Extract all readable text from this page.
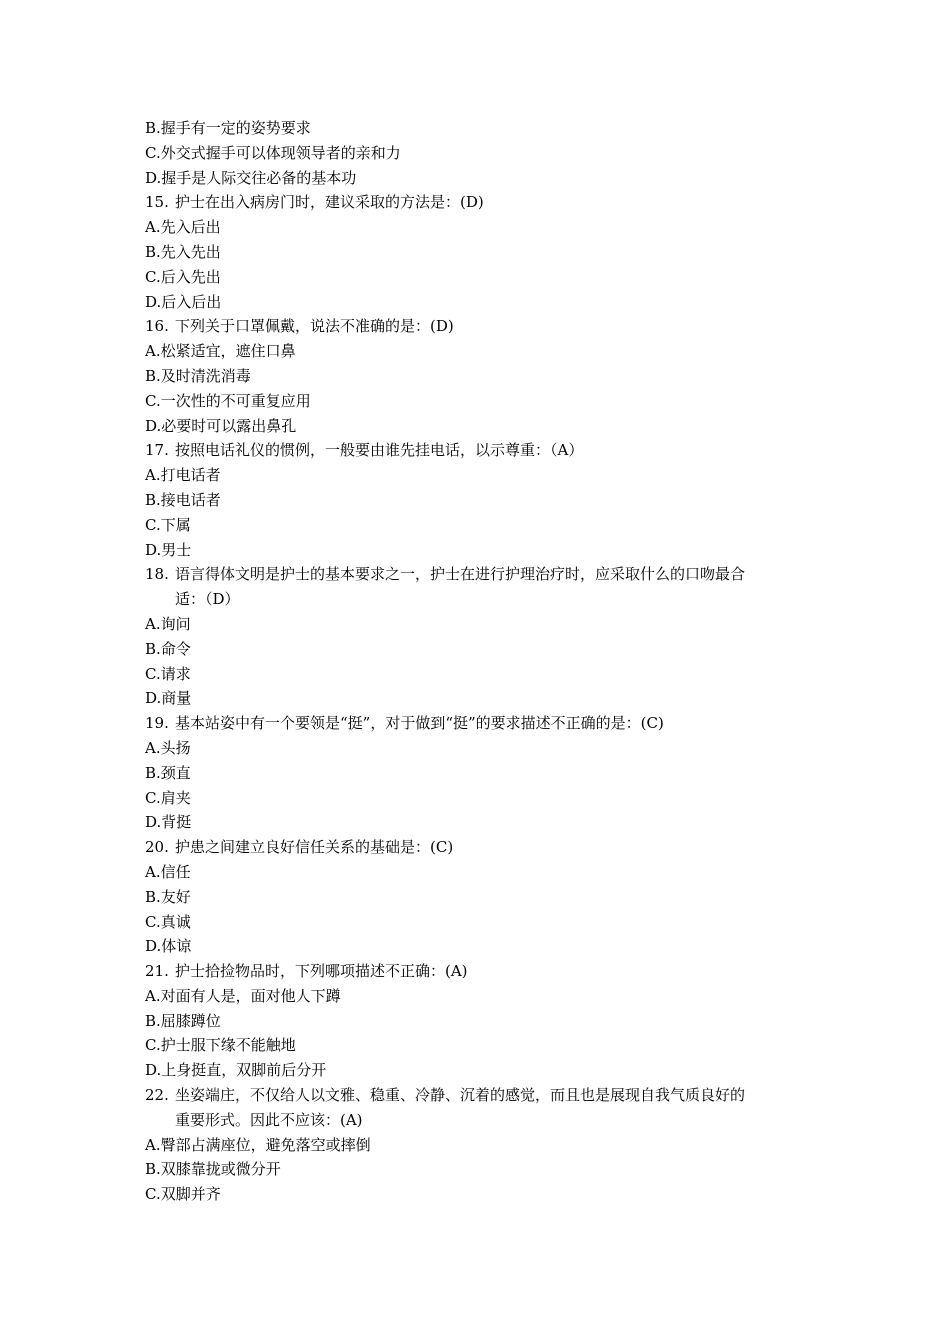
B.握手有一定的姿势要求
C.外交式握手可以体现领导者的亲和力
D.握手是人际交往必备的基本功
15. 护士在出入病房门时，建议采取的方法是：(D)
A.先入后出
B.先入先出
C.后入先出
D.后入后出
16. 下列关于口罩佩戴，说法不准确的是：(D)
A.松紧适宜，遮住口鼻
B.及时清洗消毒
C.一次性的不可重复应用
D.必要时可以露出鼻孔
17. 按照电话礼仪的惯例，一般要由谁先挂电话，以示尊重：（A）
A.打电话者
B.接电话者
C.下属
D.男士
18. 语言得体文明是护士的基本要求之一，护士在进行护理治疗时，应采取什么的口吻最合
适：（D）
A.询问
B.命令
C.请求
D.商量
19. 基本站姿中有一个要领是“挺”，对于做到“挺”的要求描述不正确的是：(C)
A.头扬
B.颈直
C.肩夹
D.背挺
20. 护患之间建立良好信任关系的基础是：(C)
A.信任
B.友好
C.真诚
D.体谅
21. 护士拾捡物品时，下列哪项描述不正确：(A)
A.对面有人是，面对他人下蹲
B.屈膝蹲位
C.护士服下缘不能触地
D.上身挺直，双脚前后分开
22. 坐姿端庄，不仅给人以文雅、稳重、冷静、沉着的感觉，而且也是展现自我气质良好的
重要形式。因此不应该：(A)
A.臀部占满座位，避免落空或摔倒
B.双膝靠拢或微分开
C.双脚并齐
